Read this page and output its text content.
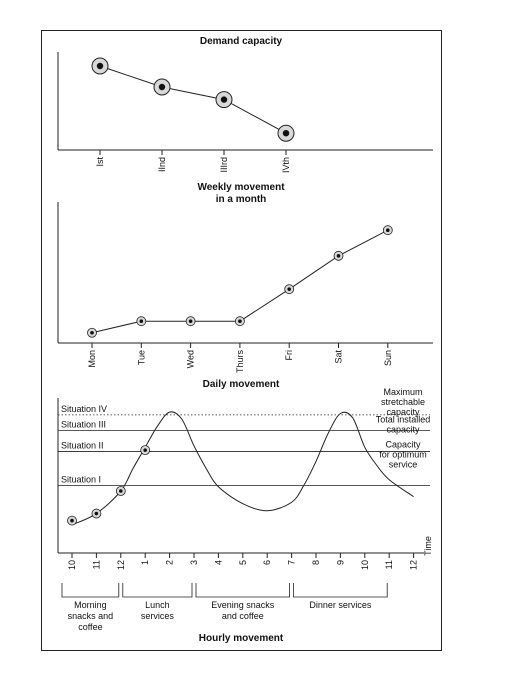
Demand capacity
Ist	IInd	IIIrd	IVth
Weekly movement
in a month
Mon	Tue	Wed	Thurs	Fri	Sat	Sun
Daily movement
Situation IV
Situation III
Situation II
Situation I
Maximum stretchable capacity
Total installed capacity
Capacity for optimum service
10 11 12 1 2 3 4 5 6 7 8 9 10 11 12
Morning snacks and coffee
Lunch services
Evening snacks and coffee
Dinner services
Time
Hourly movement
